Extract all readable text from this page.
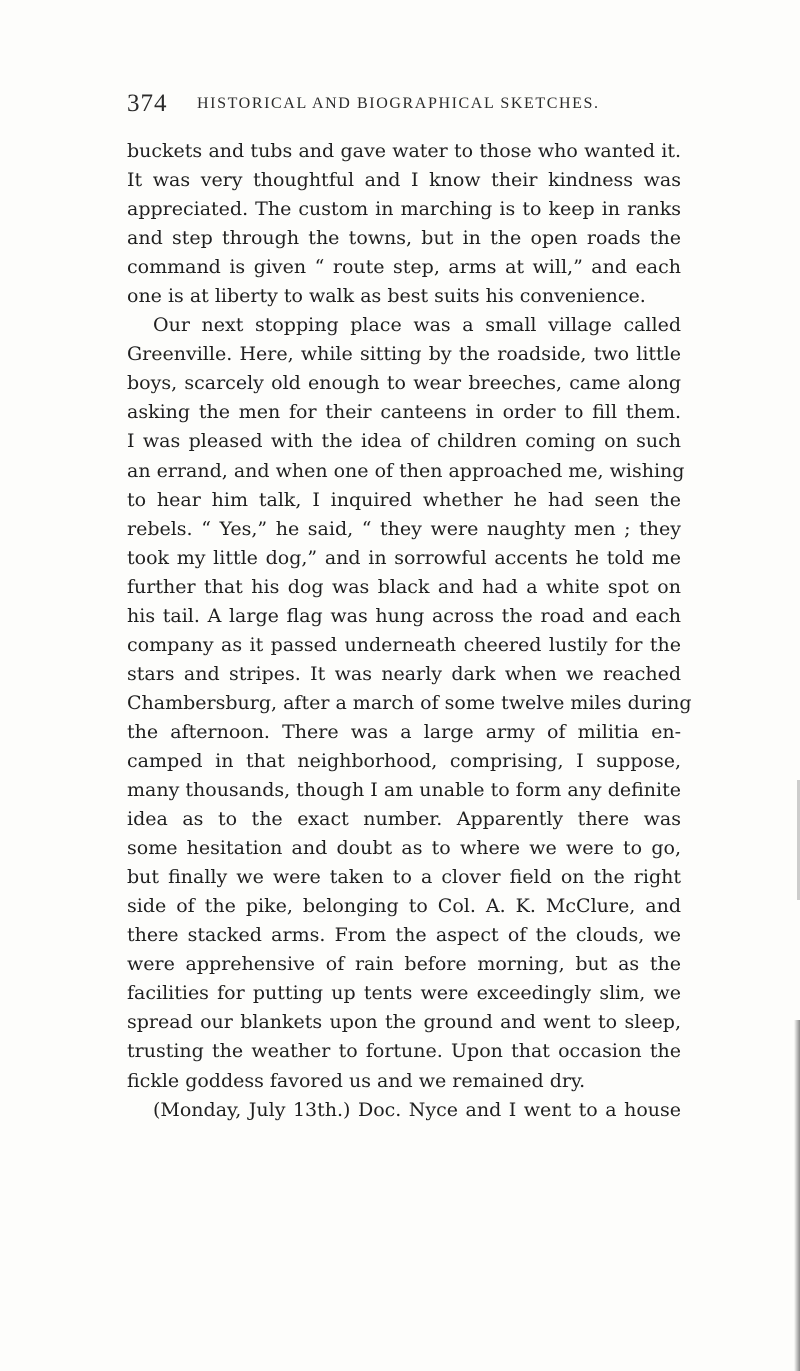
374 HISTORICAL AND BIOGRAPHICAL SKETCHES.
buckets and tubs and gave water to those who wanted it.
It was very thoughtful and I know their kindness was
appreciated. The custom in marching is to keep in ranks
and step through the towns, but in the open roads the
command is given “ route step, arms at will,” and each
one is at liberty to walk as best suits his convenience.
Our next stopping place was a small village called
Greenville. Here, while sitting by the roadside, two little
boys, scarcely old enough to wear breeches, came along
asking the men for their canteens in order to fill them.
I was pleased with the idea of children coming on such
an errand, and when one of then approached me, wishing
to hear him talk, I inquired whether he had seen the
rebels. “ Yes,” he said, “ they were naughty men ; they
took my little dog,” and in sorrowful accents he told me
further that his dog was black and had a white spot on
his tail. A large flag was hung across the road and each
company as it passed underneath cheered lustily for the
stars and stripes. It was nearly dark when we reached
Chambersburg, after a march of some twelve miles during
the afternoon. There was a large army of militia en-
camped in that neighborhood, comprising, I suppose,
many thousands, though I am unable to form any definite
idea as to the exact number. Apparently there was
some hesitation and doubt as to where we were to go,
but finally we were taken to a clover field on the right
side of the pike, belonging to Col. A. K. McClure, and
there stacked arms. From the aspect of the clouds, we
were apprehensive of rain before morning, but as the
facilities for putting up tents were exceedingly slim, we
spread our blankets upon the ground and went to sleep,
trusting the weather to fortune. Upon that occasion the
fickle goddess favored us and we remained dry.
(Monday, July 13th.) Doc. Nyce and I went to a house
